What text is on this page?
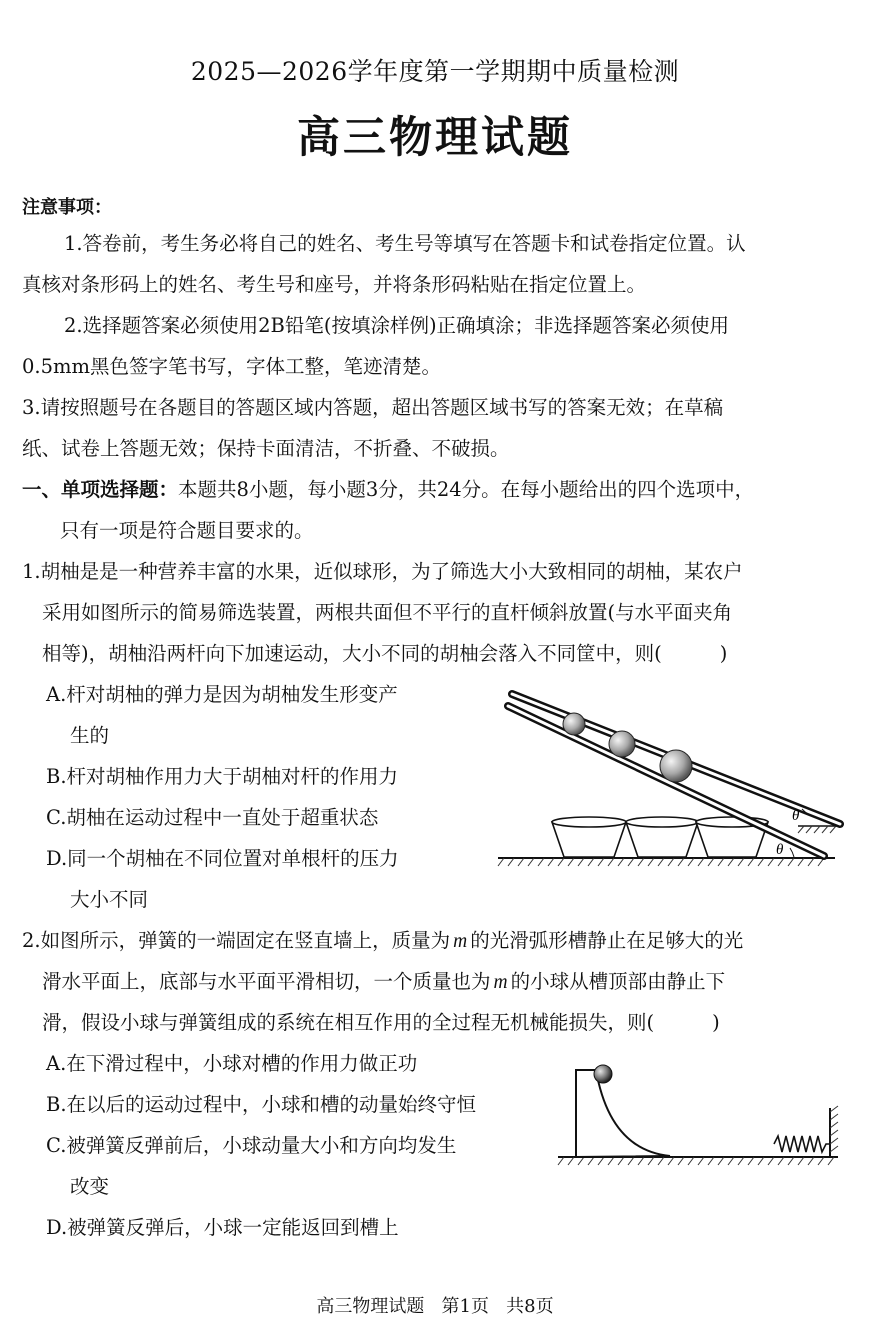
2025—2026学年度第一学期期中质量检测
高三物理试题
注意事项：
1.答卷前，考生务必将自己的姓名、考生号等填写在答题卡和试卷指定位置。认
真核对条形码上的姓名、考生号和座号，并将条形码粘贴在指定位置上。
2.选择题答案必须使用2B铅笔(按填涂样例)正确填涂；非选择题答案必须使用
0.5mm黑色签字笔书写，字体工整，笔迹清楚。
3.请按照题号在各题目的答题区域内答题，超出答题区域书写的答案无效；在草稿
纸、试卷上答题无效；保持卡面清洁，不折叠、不破损。
一、单项选择题：本题共8小题，每小题3分，共24分。在每小题给出的四个选项中，
只有一项是符合题目要求的。
1.胡柚是是一种营养丰富的水果，近似球形，为了筛选大小大致相同的胡柚，某农户
采用如图所示的简易筛选装置，两根共面但不平行的直杆倾斜放置(与水平面夹角
相等)，胡柚沿两杆向下加速运动，大小不同的胡柚会落入不同筐中，则(	)
A.杆对胡柚的弹力是因为胡柚发生形变产
生的
B.杆对胡柚作用力大于胡柚对杆的作用力
C.胡柚在运动过程中一直处于超重状态
D.同一个胡柚在不同位置对单根杆的压力
大小不同
θ
θ
2.如图所示，弹簧的一端固定在竖直墙上，质量为 m 的光滑弧形槽静止在足够大的光
滑水平面上，底部与水平面平滑相切，一个质量也为 m 的小球从槽顶部由静止下
滑，假设小球与弹簧组成的系统在相互作用的全过程无机械能损失，则(	)
A.在下滑过程中，小球对槽的作用力做正功
B.在以后的运动过程中，小球和槽的动量始终守恒
C.被弹簧反弹前后，小球动量大小和方向均发生
改变
D.被弹簧反弹后，小球一定能返回到槽上
高三物理试题 第1页 共8页
